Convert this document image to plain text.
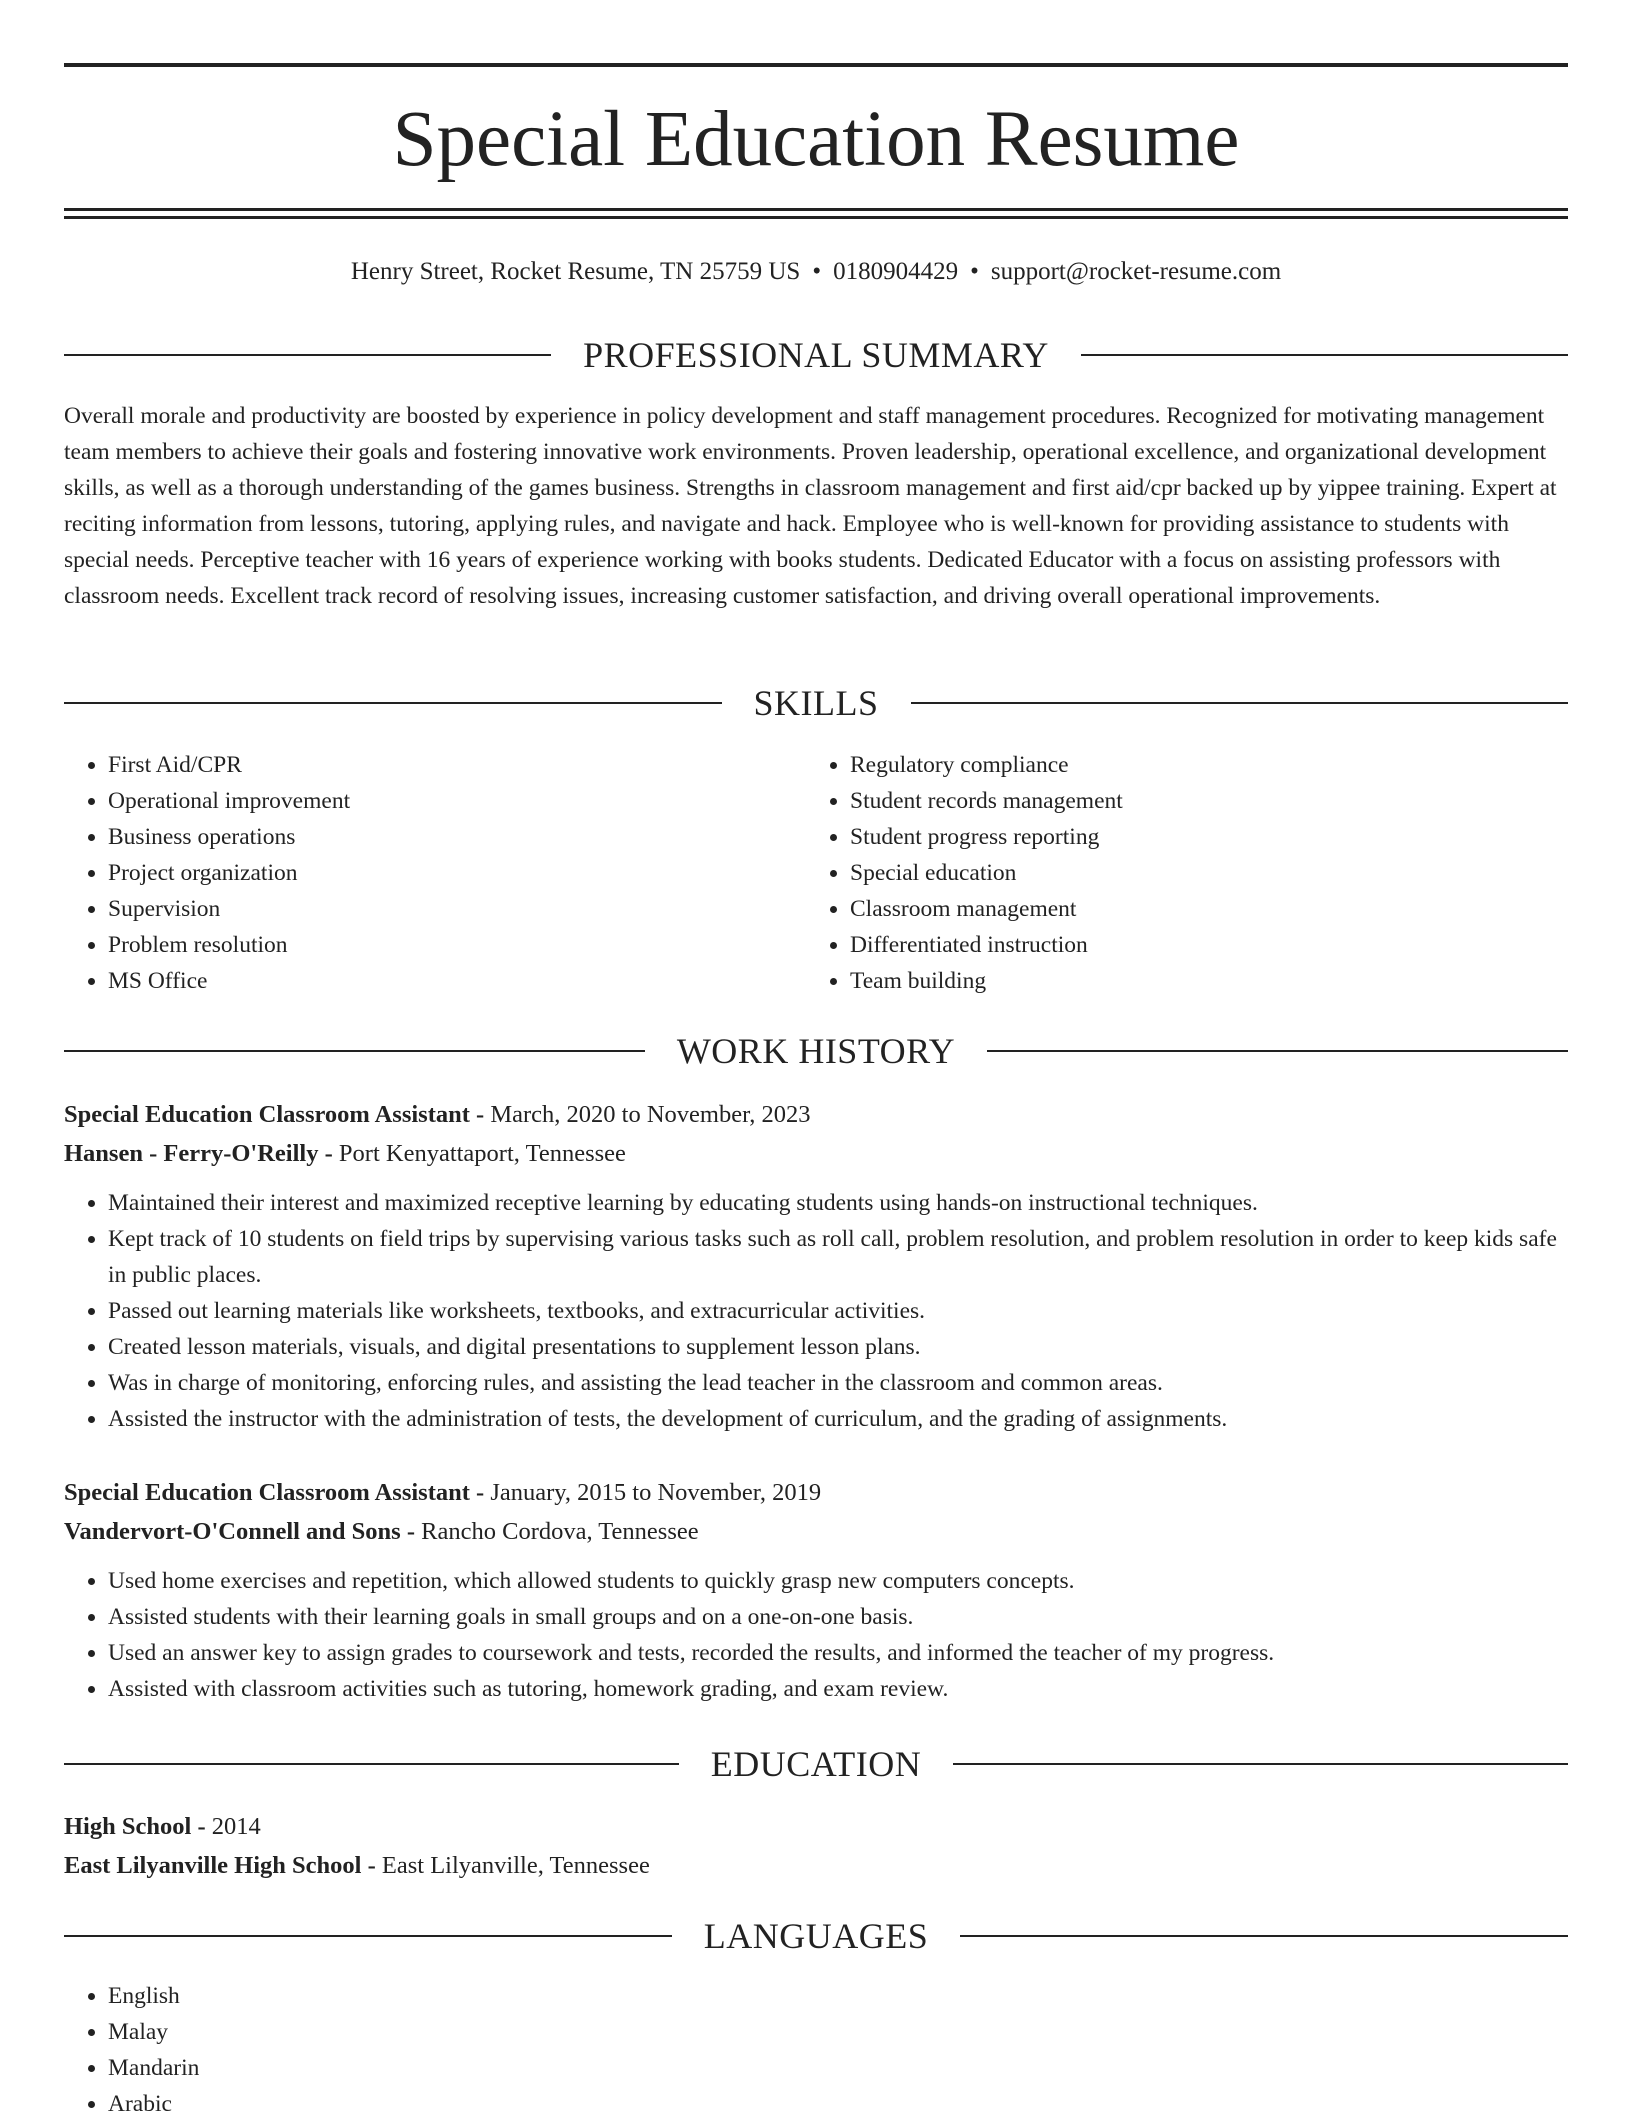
Special Education Resume
Henry Street, Rocket Resume, TN 25759 US • 0180904429 • support@rocket-resume.com
PROFESSIONAL SUMMARY

Overall morale and productivity are boosted by experience in policy development and staff management procedures. Recognized for motivating management team members to achieve their goals and fostering innovative work environments. Proven leadership, operational excellence, and organizational development skills, as well as a thorough understanding of the games business. Strengths in classroom management and first aid/cpr backed up by yippee training. Expert at reciting information from lessons, tutoring, applying rules, and navigate and hack. Employee who is well-known for providing assistance to students with special needs. Perceptive teacher with 16 years of experience working with books students. Dedicated Educator with a focus on assisting professors with classroom needs. Excellent track record of resolving issues, increasing customer satisfaction, and driving overall operational improvements.

SKILLS
• First Aid/CPR
• Operational improvement
• Business operations
• Project organization
• Supervision
• Problem resolution
• MS Office
• Regulatory compliance
• Student records management
• Student progress reporting
• Special education
• Classroom management
• Differentiated instruction
• Team building
WORK HISTORY
Special Education Classroom Assistant - March, 2020 to November, 2023
Hansen - Ferry-O'Reilly - Port Kenyattaport, Tennessee
• Maintained their interest and maximized receptive learning by educating students using hands-on instructional techniques.
• Kept track of 10 students on field trips by supervising various tasks such as roll call, problem resolution, and problem resolution in order to keep kids safe in public places.
• Passed out learning materials like worksheets, textbooks, and extracurricular activities.
• Created lesson materials, visuals, and digital presentations to supplement lesson plans.
• Was in charge of monitoring, enforcing rules, and assisting the lead teacher in the classroom and common areas.
• Assisted the instructor with the administration of tests, the development of curriculum, and the grading of assignments.
Special Education Classroom Assistant - January, 2015 to November, 2019
Vandervort-O'Connell and Sons - Rancho Cordova, Tennessee
• Used home exercises and repetition, which allowed students to quickly grasp new computers concepts.
• Assisted students with their learning goals in small groups and on a one-on-one basis.
• Used an answer key to assign grades to coursework and tests, recorded the results, and informed the teacher of my progress.
• Assisted with classroom activities such as tutoring, homework grading, and exam review.
EDUCATION
High School - 2014
East Lilyanville High School - East Lilyanville, Tennessee
LANGUAGES
• English
• Malay
• Mandarin
• Arabic
